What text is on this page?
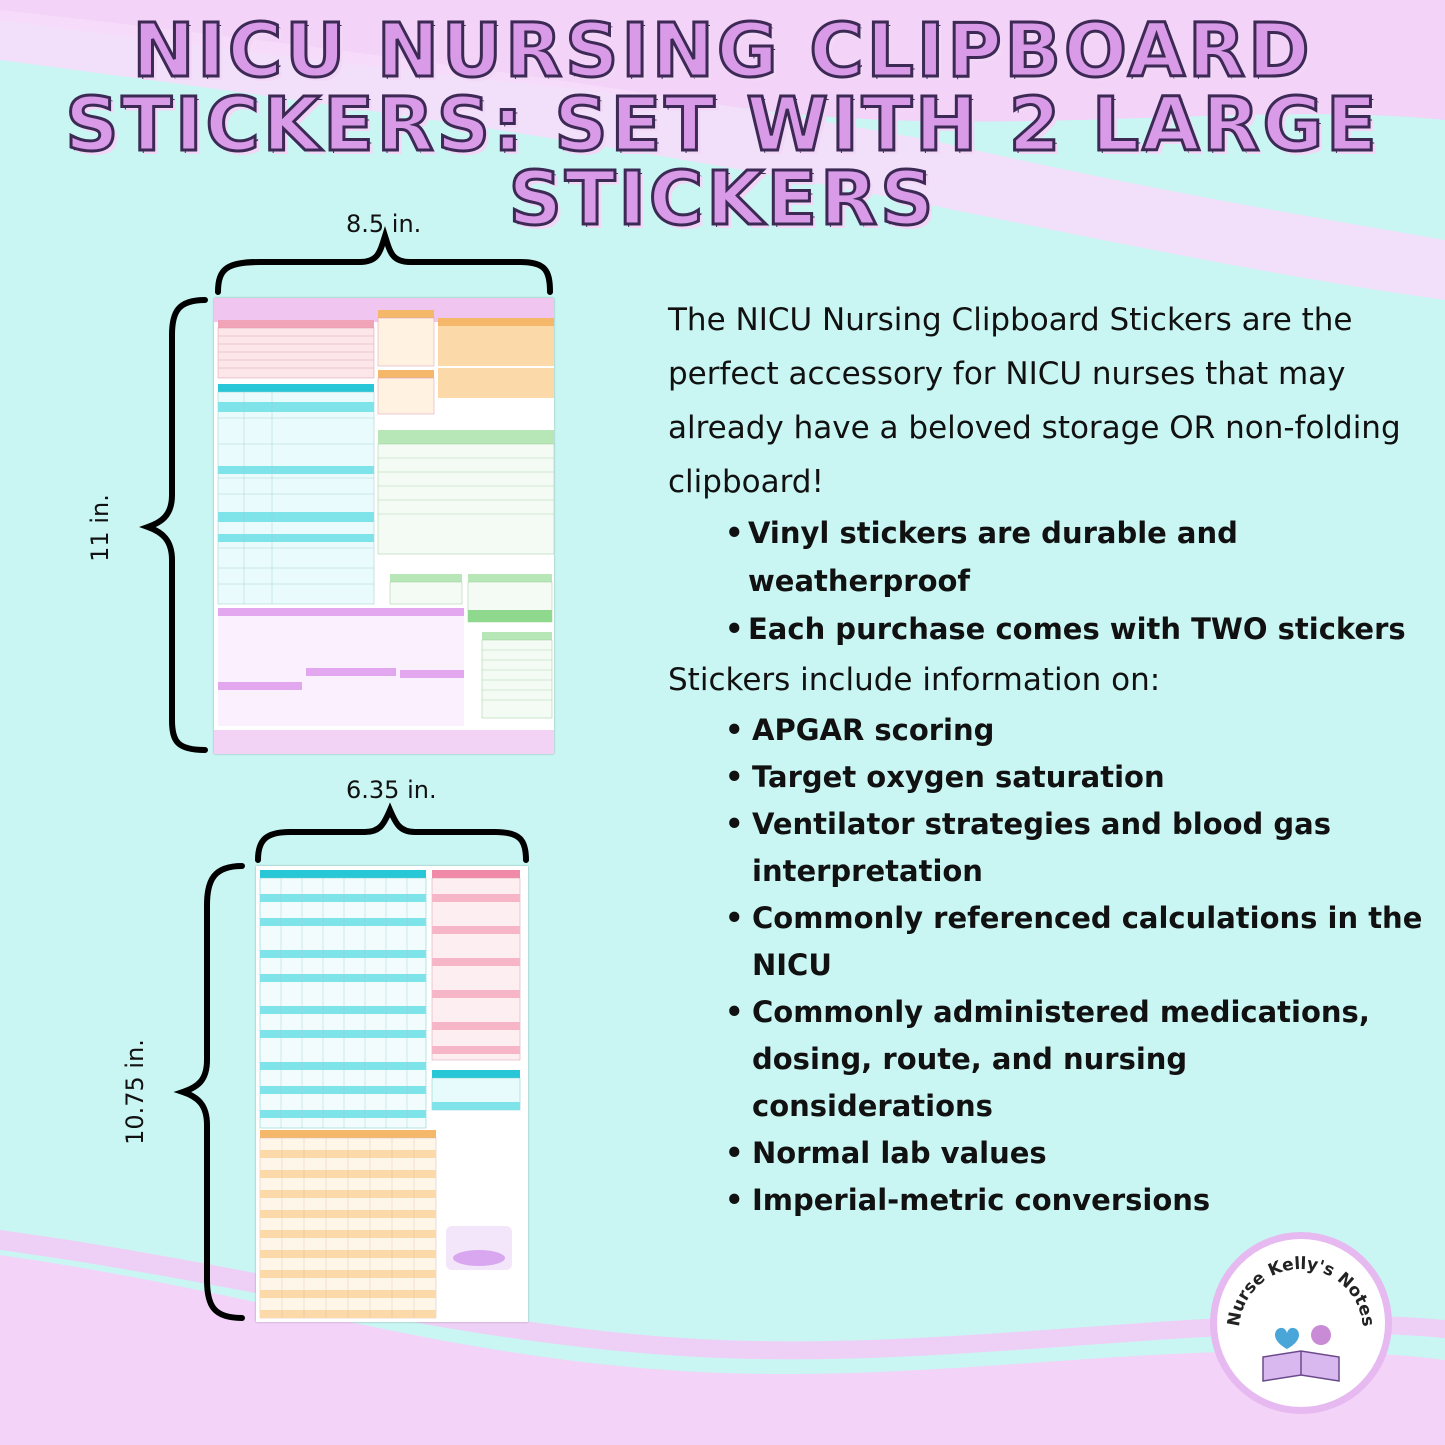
NICU NURSING CLIPBOARD
STICKERS: SET WITH 2 LARGE
STICKERS
8.5 in.
11 in.
6.35 in.
10.75 in.

The NICU Nursing Clipboard Stickers are the perfect accessory for NICU nurses that may already have a beloved storage OR non-folding clipboard!

• Vinyl stickers are durable and weatherproof
• Each purchase comes with TWO stickers

Stickers include information on:

• APGAR scoring
• Target oxygen saturation
• Ventilator strategies and blood gas interpretation
• Commonly referenced calculations in the NICU
• Commonly administered medications, dosing, route, and nursing considerations
• Normal lab values
• Imperial-metric conversions
Nurse Kelly's Notes
